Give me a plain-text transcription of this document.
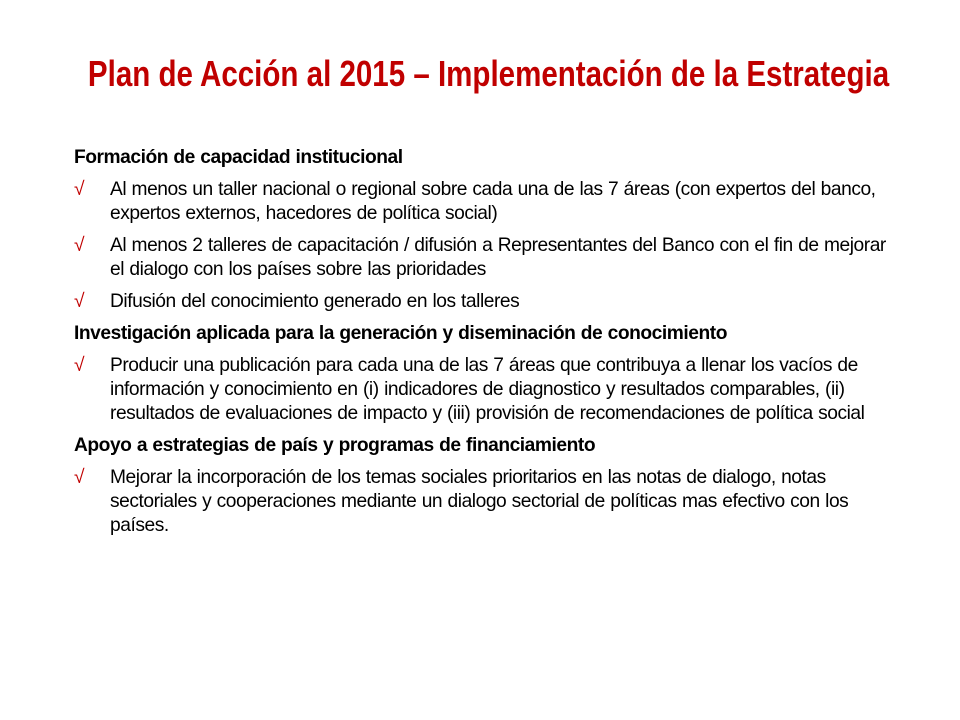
Plan de Acción al 2015 – Implementación de la Estrategia
Formación de capacidad institucional
√ Al menos un taller nacional o regional sobre cada una de las 7 áreas (con expertos del banco, expertos externos, hacedores de política social)
√ Al menos 2 talleres de capacitación / difusión a Representantes del Banco con el fin de mejorar el dialogo con los países sobre las prioridades
√ Difusión del conocimiento generado en los talleres
Investigación aplicada para la generación y diseminación de conocimiento
√ Producir una publicación para cada una de las 7 áreas que contribuya a llenar los vacíos de información y conocimiento en (i) indicadores de diagnostico y resultados comparables, (ii) resultados de evaluaciones de impacto y (iii) provisión de recomendaciones de política social
Apoyo a estrategias de país y programas de financiamiento
√ Mejorar la incorporación de los temas sociales prioritarios en las notas de dialogo, notas sectoriales y cooperaciones mediante un dialogo sectorial de políticas mas efectivo con los países.
